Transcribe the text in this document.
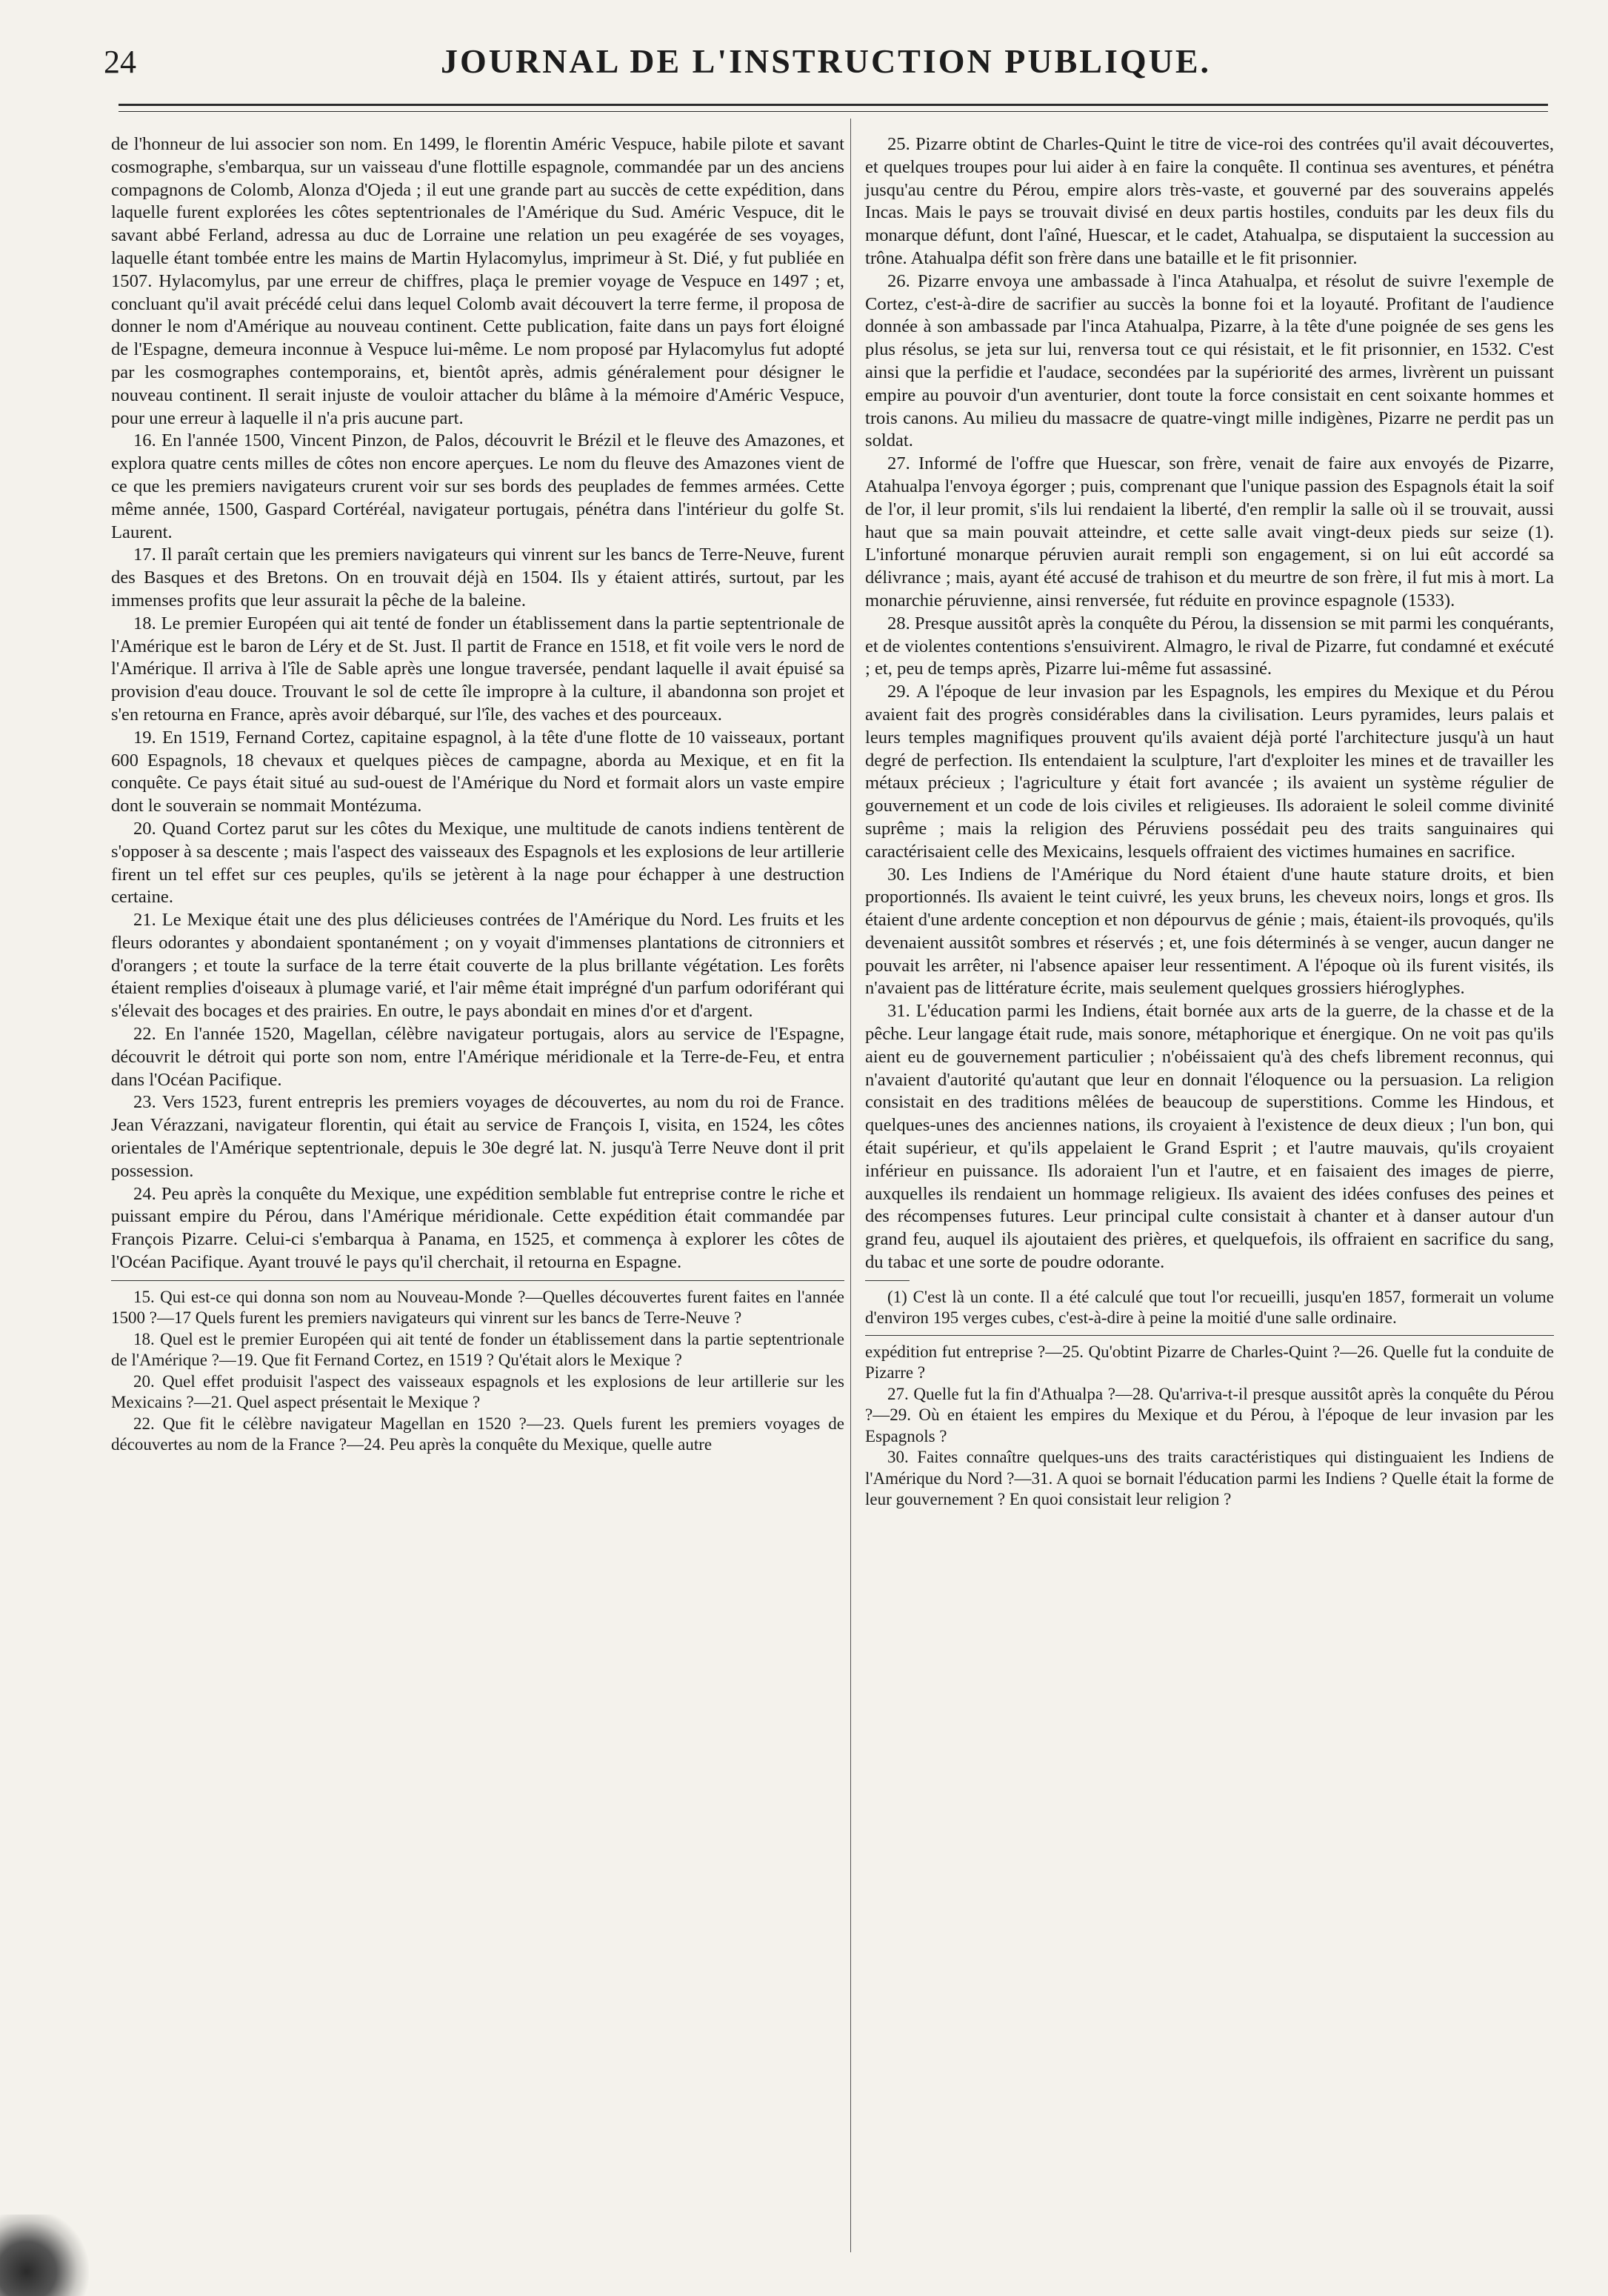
24	JOURNAL DE L'INSTRUCTION PUBLIQUE.

de l'honneur de lui associer son nom. En 1499, le florentin Améric Vespuce, habile pilote et savant cosmographe, s'embarqua, sur un vaisseau d'une flottille espagnole, commandée par un des anciens compagnons de Colomb, Alonza d'Ojeda ; il eut une grande part au succès de cette expédition, dans laquelle furent explorées les côtes septentrionales de l'Amérique du Sud. Améric Vespuce, dit le savant abbé Ferland, adressa au duc de Lorraine une relation un peu exagérée de ses voyages, laquelle étant tombée entre les mains de Martin Hylacomylus, imprimeur à St. Dié, y fut publiée en 1507. Hylacomylus, par une erreur de chiffres, plaça le premier voyage de Vespuce en 1497 ; et, concluant qu'il avait précédé celui dans lequel Colomb avait découvert la terre ferme, il proposa de donner le nom d'Amérique au nouveau continent. Cette publication, faite dans un pays fort éloigné de l'Espagne, demeura inconnue à Vespuce lui-même. Le nom proposé par Hylacomylus fut adopté par les cosmographes contemporains, et, bientôt après, admis généralement pour désigner le nouveau continent. Il serait injuste de vouloir attacher du blâme à la mémoire d'Améric Vespuce, pour une erreur à laquelle il n'a pris aucune part.

16. En l'année 1500, Vincent Pinzon, de Palos, découvrit le Brézil et le fleuve des Amazones, et explora quatre cents milles de côtes non encore aperçues. Le nom du fleuve des Amazones vient de ce que les premiers navigateurs crurent voir sur ses bords des peuplades de femmes armées. Cette même année, 1500, Gaspard Cortéréal, navigateur portugais, pénétra dans l'intérieur du golfe St. Laurent.

17. Il paraît certain que les premiers navigateurs qui vinrent sur les bancs de Terre-Neuve, furent des Basques et des Bretons. On en trouvait déjà en 1504. Ils y étaient attirés, surtout, par les immenses profits que leur assurait la pêche de la baleine.

18. Le premier Européen qui ait tenté de fonder un établissement dans la partie septentrionale de l'Amérique est le baron de Léry et de St. Just. Il partit de France en 1518, et fit voile vers le nord de l'Amérique. Il arriva à l'île de Sable après une longue traversée, pendant laquelle il avait épuisé sa provision d'eau douce. Trouvant le sol de cette île impropre à la culture, il abandonna son projet et s'en retourna en France, après avoir débarqué, sur l'île, des vaches et des pourceaux.

19. En 1519, Fernand Cortez, capitaine espagnol, à la tête d'une flotte de 10 vaisseaux, portant 600 Espagnols, 18 chevaux et quelques pièces de campagne, aborda au Mexique, et en fit la conquête. Ce pays était situé au sud-ouest de l'Amérique du Nord et formait alors un vaste empire dont le souverain se nommait Montézuma.

20. Quand Cortez parut sur les côtes du Mexique, une multitude de canots indiens tentèrent de s'opposer à sa descente ; mais l'aspect des vaisseaux des Espagnols et les explosions de leur artillerie firent un tel effet sur ces peuples, qu'ils se jetèrent à la nage pour échapper à une destruction certaine.

21. Le Mexique était une des plus délicieuses contrées de l'Amérique du Nord. Les fruits et les fleurs odorantes y abondaient spontanément ; on y voyait d'immenses plantations de citronniers et d'orangers ; et toute la surface de la terre était couverte de la plus brillante végétation. Les forêts étaient remplies d'oiseaux à plumage varié, et l'air même était imprégné d'un parfum odoriférant qui s'élevait des bocages et des prairies. En outre, le pays abondait en mines d'or et d'argent.

22. En l'année 1520, Magellan, célèbre navigateur portugais, alors au service de l'Espagne, découvrit le détroit qui porte son nom, entre l'Amérique méridionale et la Terre-de-Feu, et entra dans l'Océan Pacifique.

23. Vers 1523, furent entrepris les premiers voyages de découvertes, au nom du roi de France. Jean Vérazzani, navigateur florentin, qui était au service de François I, visita, en 1524, les côtes orientales de l'Amérique septentrionale, depuis le 30e degré lat. N. jusqu'à Terre Neuve dont il prit possession.

24. Peu après la conquête du Mexique, une expédition semblable fut entreprise contre le riche et puissant empire du Pérou, dans l'Amérique méridionale. Cette expédition était commandée par François Pizarre. Celui-ci s'embarqua à Panama, en 1525, et commença à explorer les côtes de l'Océan Pacifique. Ayant trouvé le pays qu'il cherchait, il retourna en Espagne.

15. Qui est-ce qui donna son nom au Nouveau-Monde ?—Quelles découvertes furent faites en l'année 1500 ?—17 Quels furent les premiers navigateurs qui vinrent sur les bancs de Terre-Neuve ?

18. Quel est le premier Européen qui ait tenté de fonder un établissement dans la partie septentrionale de l'Amérique ?—19. Que fit Fernand Cortez, en 1519 ? Qu'était alors le Mexique ?

20. Quel effet produisit l'aspect des vaisseaux espagnols et les explosions de leur artillerie sur les Mexicains ?—21. Quel aspect présentait le Mexique ?

22. Que fit le célèbre navigateur Magellan en 1520 ?—23. Quels furent les premiers voyages de découvertes au nom de la France ?—24. Peu après la conquête du Mexique, quelle autre

25. Pizarre obtint de Charles-Quint le titre de vice-roi des contrées qu'il avait découvertes, et quelques troupes pour lui aider à en faire la conquête. Il continua ses aventures, et pénétra jusqu'au centre du Pérou, empire alors très-vaste, et gouverné par des souverains appelés Incas. Mais le pays se trouvait divisé en deux partis hostiles, conduits par les deux fils du monarque défunt, dont l'aîné, Huescar, et le cadet, Atahualpa, se disputaient la succession au trône. Atahualpa défit son frère dans une bataille et le fit prisonnier.

26. Pizarre envoya une ambassade à l'inca Atahualpa, et résolut de suivre l'exemple de Cortez, c'est-à-dire de sacrifier au succès la bonne foi et la loyauté. Profitant de l'audience donnée à son ambassade par l'inca Atahualpa, Pizarre, à la tête d'une poignée de ses gens les plus résolus, se jeta sur lui, renversa tout ce qui résistait, et le fit prisonnier, en 1532. C'est ainsi que la perfidie et l'audace, secondées par la supériorité des armes, livrèrent un puissant empire au pouvoir d'un aventurier, dont toute la force consistait en cent soixante hommes et trois canons. Au milieu du massacre de quatre-vingt mille indigènes, Pizarre ne perdit pas un soldat.

27. Informé de l'offre que Huescar, son frère, venait de faire aux envoyés de Pizarre, Atahualpa l'envoya égorger ; puis, comprenant que l'unique passion des Espagnols était la soif de l'or, il leur promit, s'ils lui rendaient la liberté, d'en remplir la salle où il se trouvait, aussi haut que sa main pouvait atteindre, et cette salle avait vingt-deux pieds sur seize (1). L'infortuné monarque péruvien aurait rempli son engagement, si on lui eût accordé sa délivrance ; mais, ayant été accusé de trahison et du meurtre de son frère, il fut mis à mort. La monarchie péruvienne, ainsi renversée, fut réduite en province espagnole (1533).

28. Presque aussitôt après la conquête du Pérou, la dissension se mit parmi les conquérants, et de violentes contentions s'ensuivirent. Almagro, le rival de Pizarre, fut condamné et exécuté ; et, peu de temps après, Pizarre lui-même fut assassiné.

29. A l'époque de leur invasion par les Espagnols, les empires du Mexique et du Pérou avaient fait des progrès considérables dans la civilisation. Leurs pyramides, leurs palais et leurs temples magnifiques prouvent qu'ils avaient déjà porté l'architecture jusqu'à un haut degré de perfection. Ils entendaient la sculpture, l'art d'exploiter les mines et de travailler les métaux précieux ; l'agriculture y était fort avancée ; ils avaient un système régulier de gouvernement et un code de lois civiles et religieuses. Ils adoraient le soleil comme divinité suprême ; mais la religion des Péruviens possédait peu des traits sanguinaires qui caractérisaient celle des Mexicains, lesquels offraient des victimes humaines en sacrifice.

30. Les Indiens de l'Amérique du Nord étaient d'une haute stature droits, et bien proportionnés. Ils avaient le teint cuivré, les yeux bruns, les cheveux noirs, longs et gros. Ils étaient d'une ardente conception et non dépourvus de génie ; mais, étaient-ils provoqués, qu'ils devenaient aussitôt sombres et réservés ; et, une fois déterminés à se venger, aucun danger ne pouvait les arrêter, ni l'absence apaiser leur ressentiment. A l'époque où ils furent visités, ils n'avaient pas de littérature écrite, mais seulement quelques grossiers hiéroglyphes.

31. L'éducation parmi les Indiens, était bornée aux arts de la guerre, de la chasse et de la pêche. Leur langage était rude, mais sonore, métaphorique et énergique. On ne voit pas qu'ils aient eu de gouvernement particulier ; n'obéissaient qu'à des chefs librement reconnus, qui n'avaient d'autorité qu'autant que leur en donnait l'éloquence ou la persuasion. La religion consistait en des traditions mêlées de beaucoup de superstitions. Comme les Hindous, et quelques-unes des anciennes nations, ils croyaient à l'existence de deux dieux ; l'un bon, qui était supérieur, et qu'ils appelaient le Grand Esprit ; et l'autre mauvais, qu'ils croyaient inférieur en puissance. Ils adoraient l'un et l'autre, et en faisaient des images de pierre, auxquelles ils rendaient un hommage religieux. Ils avaient des idées confuses des peines et des récompenses futures. Leur principal culte consistait à chanter et à danser autour d'un grand feu, auquel ils ajoutaient des prières, et quelquefois, ils offraient en sacrifice du sang, du tabac et une sorte de poudre odorante.

(1) C'est là un conte. Il a été calculé que tout l'or recueilli, jusqu'en 1857, formerait un volume d'environ 195 verges cubes, c'est-à-dire à peine la moitié d'une salle ordinaire.

expédition fut entreprise ?—25. Qu'obtint Pizarre de Charles-Quint ?—26. Quelle fut la conduite de Pizarre ?

27. Quelle fut la fin d'Athualpa ?—28. Qu'arriva-t-il presque aussitôt après la conquête du Pérou ?—29. Où en étaient les empires du Mexique et du Pérou, à l'époque de leur invasion par les Espagnols ?

30. Faites connaître quelques-uns des traits caractéristiques qui distinguaient les Indiens de l'Amérique du Nord ?—31. A quoi se bornait l'éducation parmi les Indiens ? Quelle était la forme de leur gouvernement ? En quoi consistait leur religion ?
